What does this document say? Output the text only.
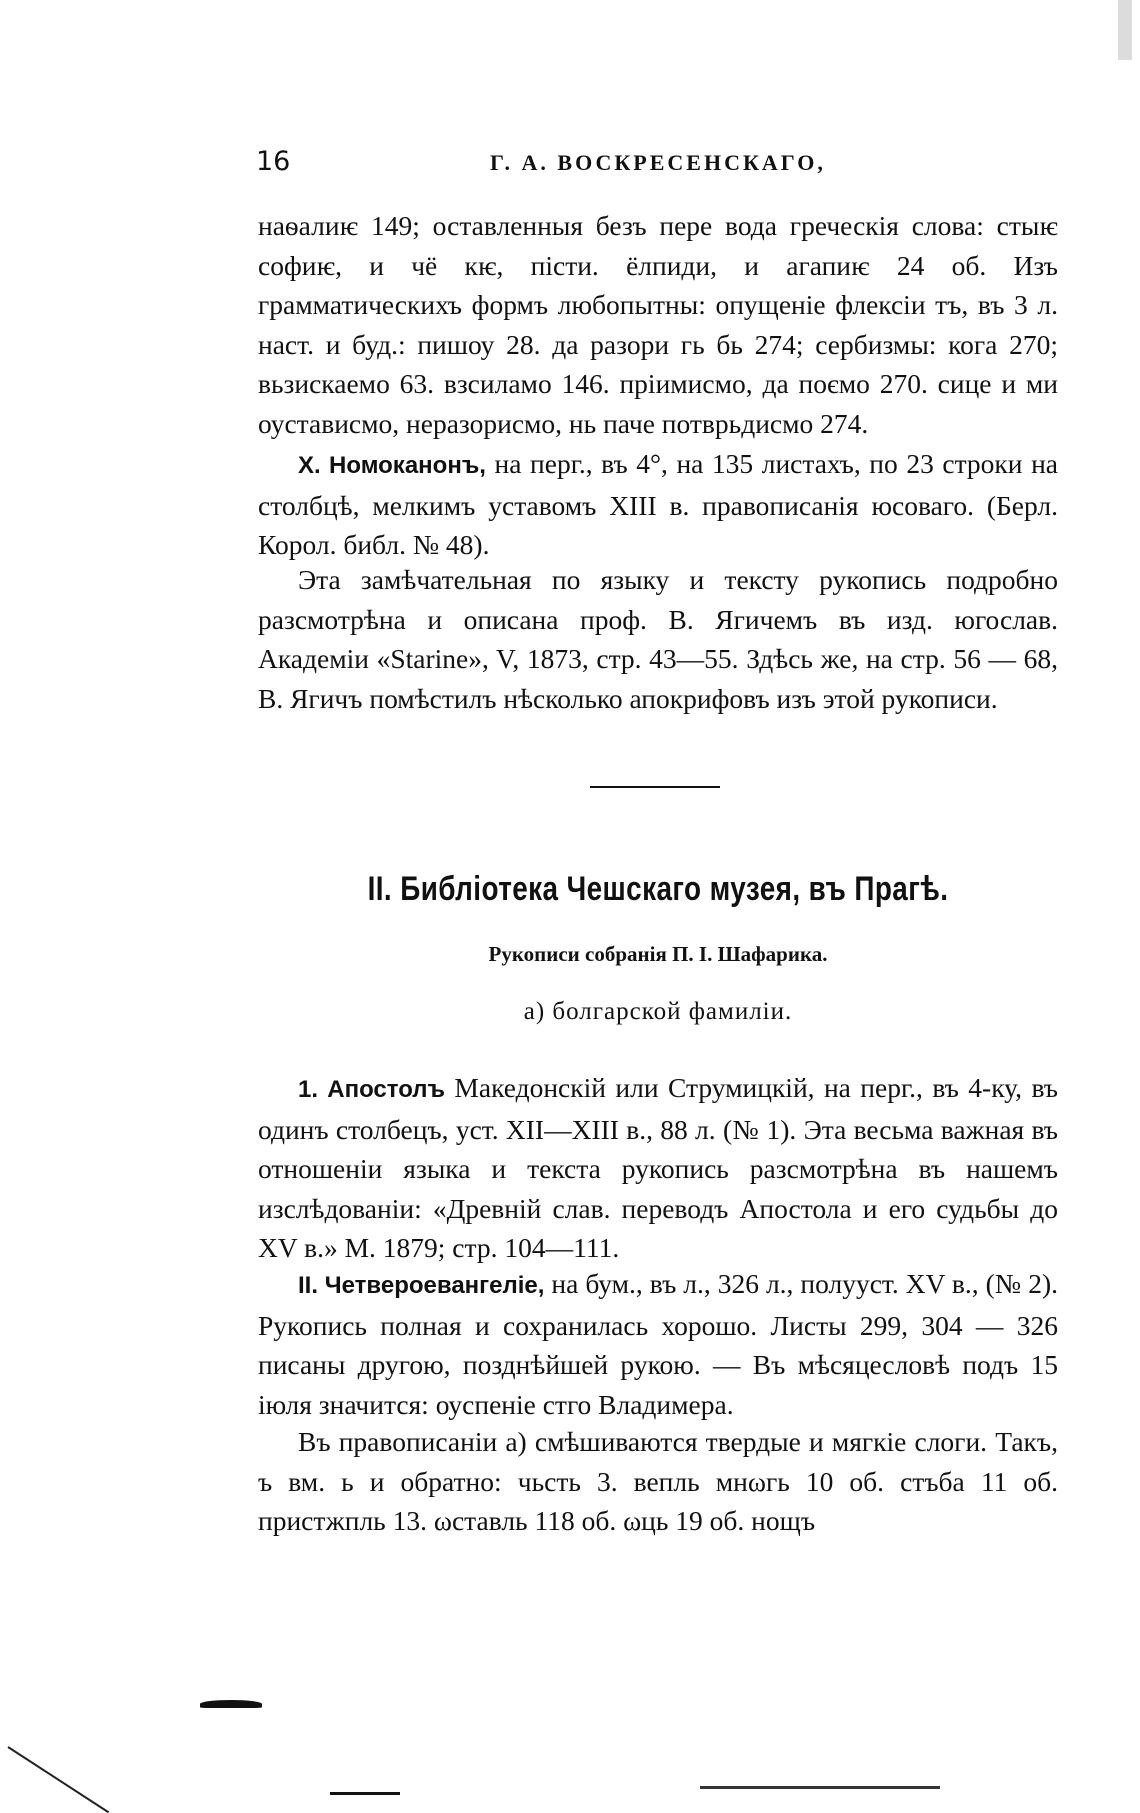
16	Г. А. ВОСКРЕСЕНСКАГО,

наѳалиѥ 149; оставленныя безъ пере вода греческія слова: стыѥ софиѥ, и чё кѥ, пісти. ёлпиди, и агапиѥ 24 об. Изъ грамматическихъ формъ любопытны: опущеніе флексіи тъ, въ 3 л. наст. и буд.: пишоу 28. да разори гь бь 274; сербизмы: кога 270; вьзискаемо 63. взсиламо 146. пріимисмо, да поємо 270. сице и ми оустависмо, неразорисмо, нь паче потврьдисмо 274.

Х. Номоканонъ, на перг., въ 4°, на 135 листахъ, по 23 строки на столбцѣ, мелкимъ уставомъ XIII в. правописанія юсоваго. (Берл. Корол. библ. № 48).

Эта замѣчательная по языку и тексту рукопись подробно разсмотрѣна и описана проф. В. Ягичемъ въ изд. югослав. Академіи «Starine», V, 1873, стр. 43—55. Здѣсь же, на стр. 56 — 68, В. Ягичъ помѣстилъ нѣсколько апокрифовъ изъ этой рукописи.

II. Библіотека Чешскаго музея, въ Прагѣ.
Рукописи собранія П. І. Шафарика.
а) болгарской фамиліи.

1. Апостолъ Македонскій или Струмицкій, на перг., въ 4-ку, въ одинъ столбецъ, уст. XII—XIII в., 88 л. (№ 1). Эта весьма важная въ отношеніи языка и текста рукопись разсмотрѣна въ нашемъ изслѣдованіи: «Древній слав. переводъ Апостола и его судьбы до XV в.» М. 1879; стр. 104—111.

II. Четвероевангеліе, на бум., въ л., 326 л., полууст. XV в., (№ 2). Рукопись полная и сохранилась хорошо. Листы 299, 304 — 326 писаны другою, позднѣйшей рукою. — Въ мѣсяцесловѣ подъ 15 іюля значится: оуспеніе стго Владимера.

Въ правописаніи а) смѣшиваются твердые и мягкіе слоги. Такъ, ъ вм. ь и обратно: чьсть 3. вепль мнωгь 10 об. стъба 11 об. пристжпль 13. ωставль 118 об. ωць 19 об. нощъ
